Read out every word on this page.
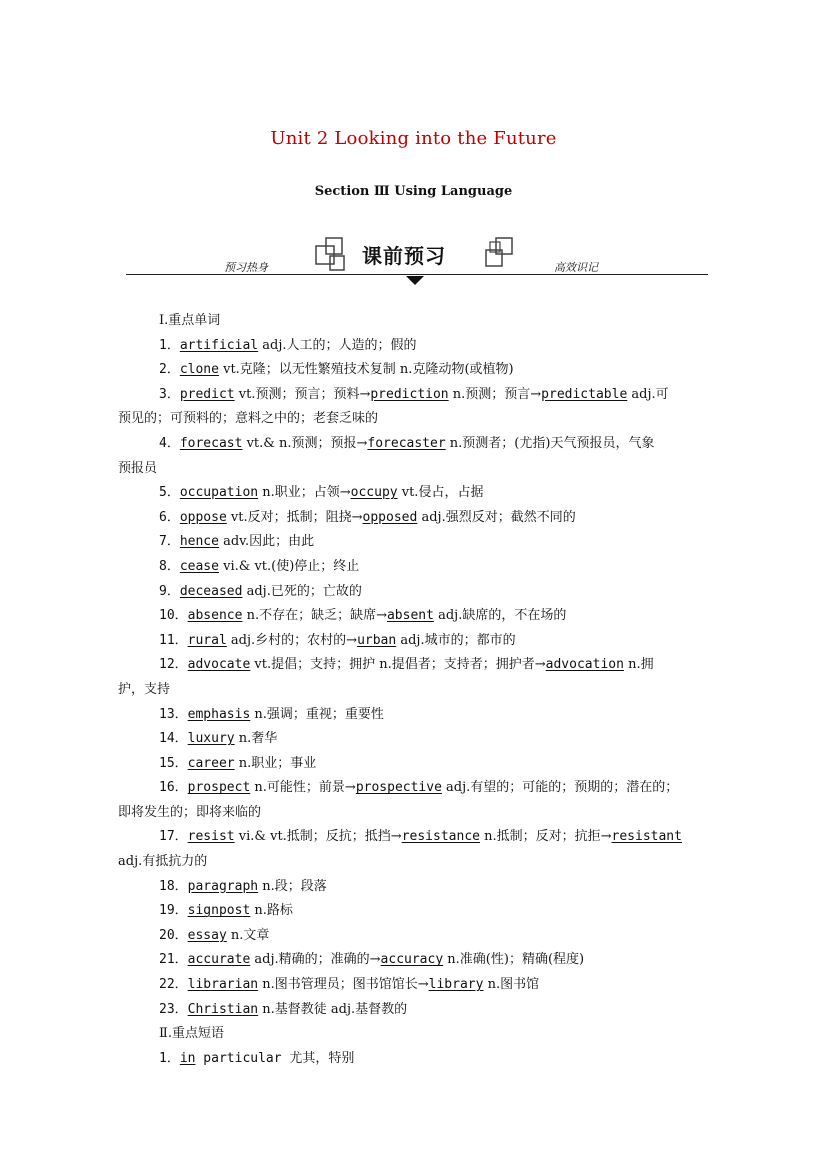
Unit 2 Looking into the Future
Section Ⅲ Using Language
课前预习
预习热身	高效识记
Ⅰ.重点单词
1．artificial adj.人工的；人造的；假的
2．clone vt.克隆；以无性繁殖技术复制 n.克隆动物(或植物)
3．predict vt.预测；预言；预料→prediction n.预测；预言→predictable adj.可
预见的；可预料的；意料之中的；老套乏味的
4．forecast vt.& n.预测；预报→forecaster n.预测者；(尤指)天气预报员，气象
预报员
5．occupation n.职业；占领→occupy vt.侵占，占据
6．oppose vt.反对；抵制；阻挠→opposed adj.强烈反对；截然不同的
7．hence adv.因此；由此
8．cease vi.& vt.(使)停止；终止
9．deceased adj.已死的；亡故的
10．absence n.不存在；缺乏；缺席→absent adj.缺席的，不在场的
11．rural adj.乡村的；农村的→urban adj.城市的；都市的
12．advocate vt.提倡；支持；拥护 n.提倡者；支持者；拥护者→advocation n.拥
护，支持
13．emphasis n.强调；重视；重要性
14．luxury n.奢华
15．career n.职业；事业
16．prospect n.可能性；前景→prospective adj.有望的；可能的；预期的；潜在的；
即将发生的；即将来临的
17．resist vi.& vt.抵制；反抗；抵挡→resistance n.抵制；反对；抗拒→resistant
adj.有抵抗力的
18．paragraph n.段；段落
19．signpost n.路标
20．essay n.文章
21．accurate adj.精确的；准确的→accuracy n.准确(性)；精确(程度)
22．librarian n.图书管理员；图书馆馆长→library n.图书馆
23．Christian n.基督教徒 adj.基督教的
Ⅱ.重点短语
1．in particular 尤其，特别
